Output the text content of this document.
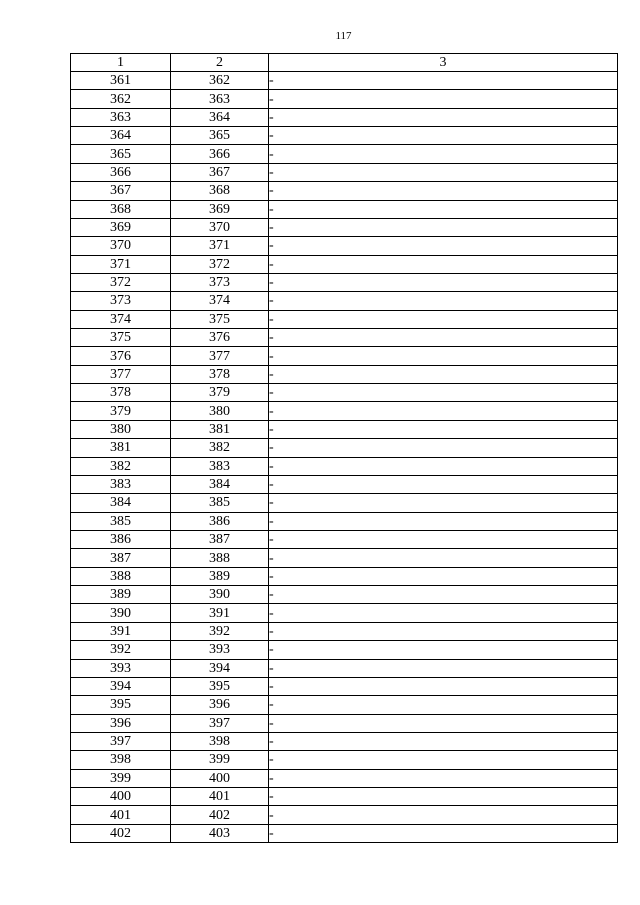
117
1	2	3
361	362	-
362	363	-
363	364	-
364	365	-
365	366	-
366	367	-
367	368	-
368	369	-
369	370	-
370	371	-
371	372	-
372	373	-
373	374	-
374	375	-
375	376	-
376	377	-
377	378	-
378	379	-
379	380	-
380	381	-
381	382	-
382	383	-
383	384	-
384	385	-
385	386	-
386	387	-
387	388	-
388	389	-
389	390	-
390	391	-
391	392	-
392	393	-
393	394	-
394	395	-
395	396	-
396	397	-
397	398	-
398	399	-
399	400	-
400	401	-
401	402	-
402	403	-
